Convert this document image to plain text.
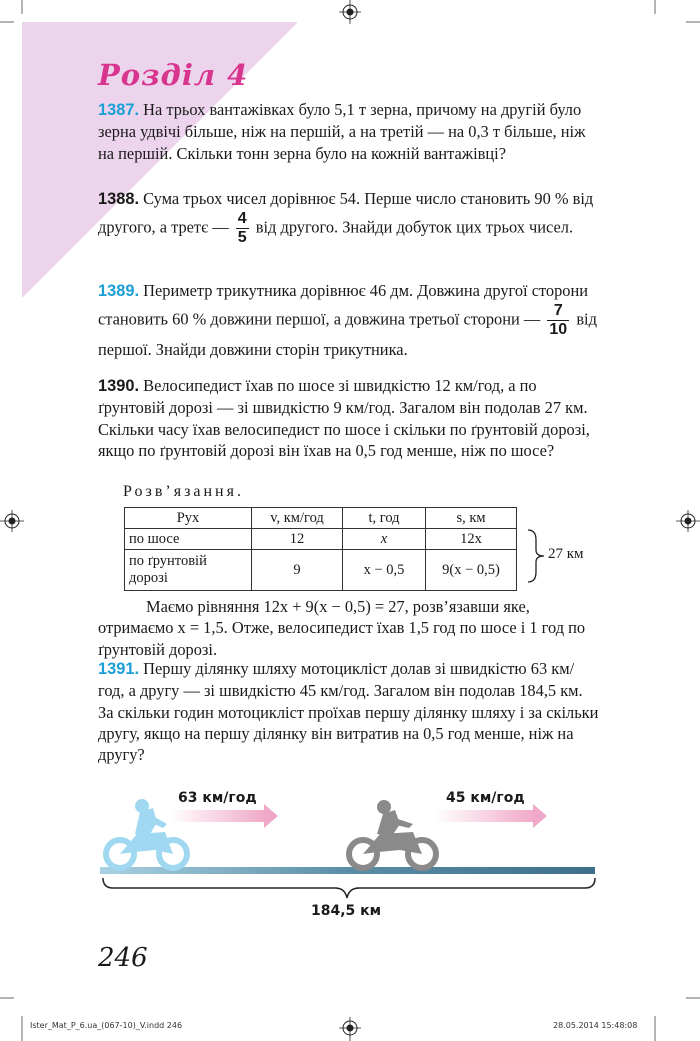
Розділ 4

1387. На трьох вантажівках було 5,1 т зерна, причому на другій було зерна удвічі більше, ніж на першій, а на третій — на 0,3 т більше, ніж на першій. Скільки тонн зерна було на кожній вантажівці?

1388. Сума трьох чисел дорівнює 54. Перше число становить 90 % від другого, а третє — $\frac{4}{5}$ від другого. Знайди добуток цих трьох чисел.

1389. Периметр трикутника дорівнює 46 дм. Довжина другої сторони становить 60 % довжини першої, а довжина третьої сторони — $\frac{7}{10}$ від першої. Знайди довжини сторін трикутника.

1390. Велосипедист їхав по шосе зі швидкістю 12 км/год, а по ґрунтовій дорозі — зі швидкістю 9 км/год. Загалом він подолав 27 км. Скільки часу їхав велосипедист по шосе і скільки по ґрунтовій дорозі, якщо по ґрунтовій дорозі він їхав на 0,5 год менше, ніж по шосе?

Розв’язання.
Рух	v, км/год	t, год	s, км
по шосе	12	x	12x
по ґрунтовій дорозі	9	x − 0,5	9(x − 0,5)
27 км

Маємо рівняння 12x + 9(x − 0,5) = 27, розв’язавши яке, отримаємо x = 1,5. Отже, велосипедист їхав 1,5 год по шосе і 1 год по ґрунтовій дорозі.

1391. Першу ділянку шляху мотоцикліст долав зі швидкістю 63 км/год, а другу — зі швидкістю 45 км/год. Загалом він подолав 184,5 км. За скільки годин мотоцикліст проїхав першу ділянку шляху і за скільки другу, якщо на першу ділянку він витратив на 0,5 год менше, ніж на другу?

63 км/год	45 км/год
184,5 км
246
Ister_Mat_P_6.ua_(067-10)_V.indd 246	28.05.2014 15:48:08
